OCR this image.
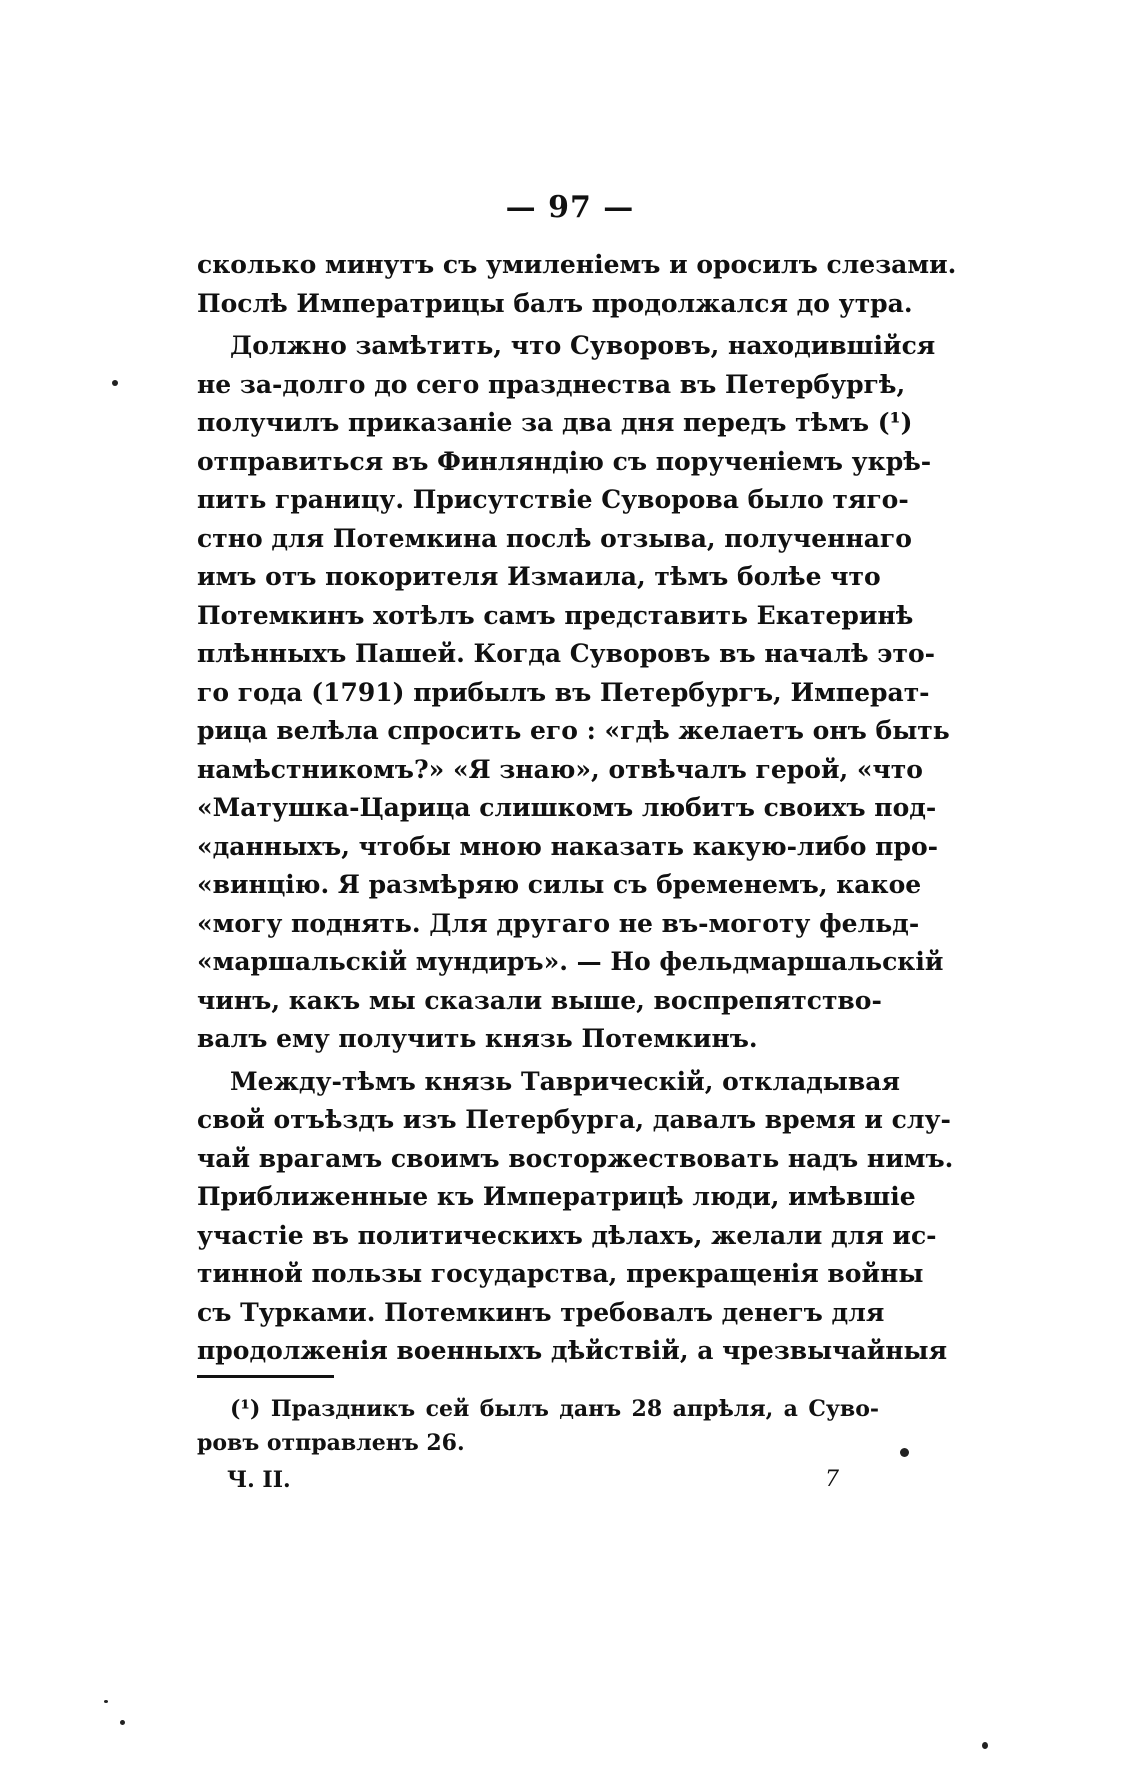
— 97 —
сколько минутъ съ умиленіемъ и оросилъ слезами.
Послѣ Императрицы балъ продолжался до утра.
Должно замѣтить, что Суворовъ, находившійся
не за-долго до сего празднества въ Петербургѣ,
получилъ приказаніе за два дня передъ тѣмъ (¹)
отправиться въ Финляндію съ порученіемъ укрѣ-
пить границу. Присутствіе Суворова было тяго-
стно для Потемкина послѣ отзыва, полученнаго
имъ отъ покорителя Измаила, тѣмъ болѣе что
Потемкинъ хотѣлъ самъ представить Екатеринѣ
плѣнныхъ Пашей. Когда Суворовъ въ началѣ это-
го года (1791) прибылъ въ Петербургъ, Императ-
рица велѣла спросить его : «гдѣ желаетъ онъ быть
намѣстникомъ?» «Я знаю», отвѣчалъ герой, «что
«Матушка-Царица слишкомъ любитъ своихъ под-
«данныхъ, чтобы мною наказать какую-либо про-
«винцію. Я размѣряю силы съ бременемъ, какое
«могу поднять. Для другаго не въ-моготу фельд-
«маршальскій мундиръ». — Но фельдмаршальскій
чинъ, какъ мы сказали выше, воспрепятство-
валъ ему получить князь Потемкинъ.
Между-тѣмъ князь Таврическій, откладывая
свой отъѣздъ изъ Петербурга, давалъ время и слу-
чай врагамъ своимъ восторжествовать надъ нимъ.
Приближенные къ Императрицѣ люди, имѣвшіе
участіе въ политическихъ дѣлахъ, желали для ис-
тинной пользы государства, прекращенія войны
съ Турками. Потемкинъ требовалъ денегъ для
продолженія военныхъ дѣйствій, а чрезвычайныя
(¹) Праздникъ сей былъ данъ 28 апрѣля, а Суво-
ровъ отправленъ 26.
Ч. II.	7
